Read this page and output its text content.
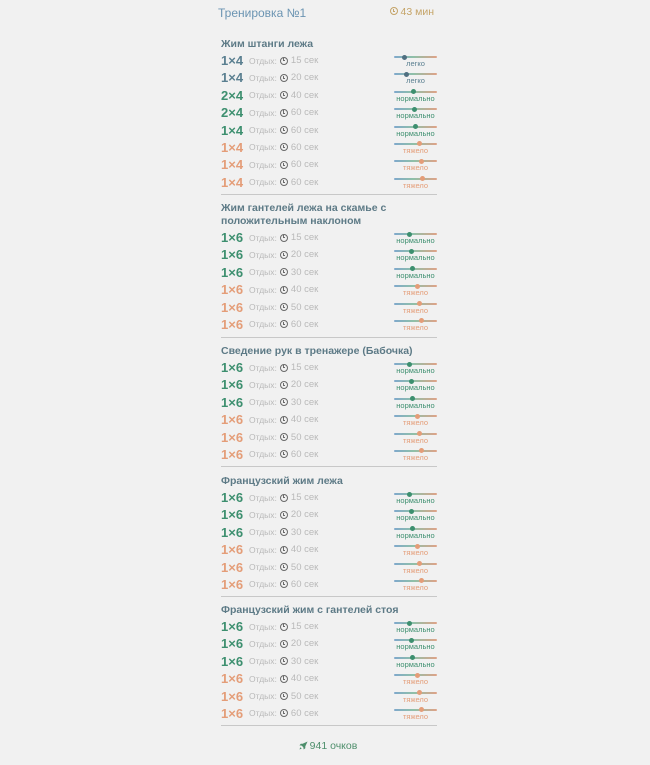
Тренировка №1	43 мин
Жим штанги лежа
1×4 Отдых: 15 сек	легко
1×4 Отдых: 20 сек	легко
2×4 Отдых: 40 сек	нормально
2×4 Отдых: 60 сек	нормально
1×4 Отдых: 60 сек	нормально
1×4 Отдых: 60 сек	тяжело
1×4 Отдых: 60 сек	тяжело
1×4 Отдых: 60 сек	тяжело
Жим гантелей лежа на скамье с положительным наклоном
1×6 Отдых: 15 сек	нормально
1×6 Отдых: 20 сек	нормально
1×6 Отдых: 30 сек	нормально
1×6 Отдых: 40 сек	тяжело
1×6 Отдых: 50 сек	тяжело
1×6 Отдых: 60 сек	тяжело
Сведение рук в тренажере (Бабочка)
1×6 Отдых: 15 сек	нормально
1×6 Отдых: 20 сек	нормально
1×6 Отдых: 30 сек	нормально
1×6 Отдых: 40 сек	тяжело
1×6 Отдых: 50 сек	тяжело
1×6 Отдых: 60 сек	тяжело
Французский жим лежа
1×6 Отдых: 15 сек	нормально
1×6 Отдых: 20 сек	нормально
1×6 Отдых: 30 сек	нормально
1×6 Отдых: 40 сек	тяжело
1×6 Отдых: 50 сек	тяжело
1×6 Отдых: 60 сек	тяжело
Французский жим с гантелей стоя
1×6 Отдых: 15 сек	нормально
1×6 Отдых: 20 сек	нормально
1×6 Отдых: 30 сек	нормально
1×6 Отдых: 40 сек	тяжело
1×6 Отдых: 50 сек	тяжело
1×6 Отдых: 60 сек	тяжело
941 очков
